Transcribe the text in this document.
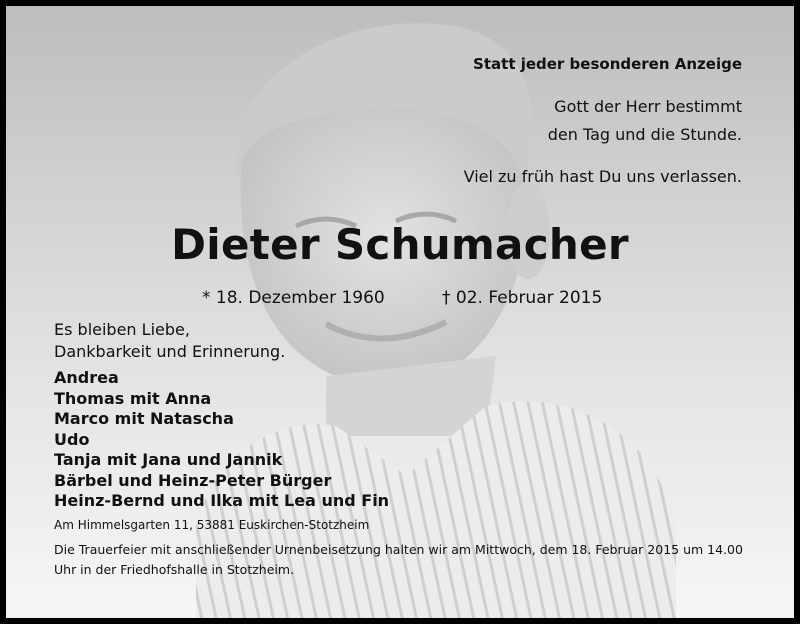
Statt jeder besonderen Anzeige

Gott der Herr bestimmt

den Tag und die Stunde.

Viel zu früh hast Du uns verlassen.

Dieter Schumacher

* 18. Dezember 1960	† 02. Februar 2015

Es bleiben Liebe,
Dankbarkeit und Erinnerung.
Andrea
Thomas mit Anna
Marco mit Natascha
Udo
Tanja mit Jana und Jannik
Bärbel und Heinz-Peter Bürger
Heinz-Bernd und Ilka mit Lea und Fin

Am Himmelsgarten 11, 53881 Euskirchen-Stotzheim

Die Trauerfeier mit anschließender Urnenbeisetzung halten wir am Mittwoch, dem 18. Februar 2015 um 14.00 Uhr in der Friedhofshalle in Stotzheim.
